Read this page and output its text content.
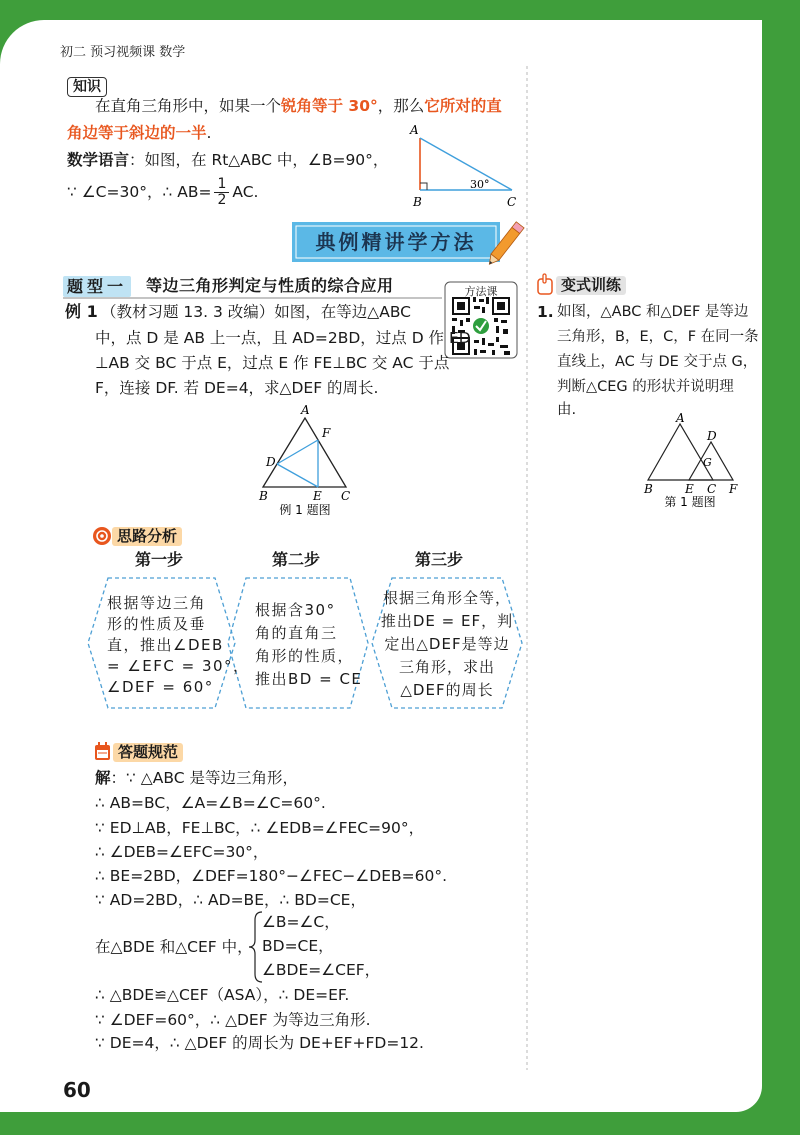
A
B	C
30°
A
F
D
B	E C
例 1 题图
A
D
G
B	E C F
第 1 题图
初二 预习视频课 数学
知识
在直角三角形中，如果一个锐角等于 30°，那么它所对的直
角边等于斜边的一半.
数学语言：如图，在 Rt△ABC 中，∠B=90°，
∵ ∠C=30°，∴ $AB= \frac{1}{2}$ AC.
典例精讲学方法
题型一 等边三角形判定与性质的综合应用	方法课
例 1 （教材习题 13. 3 改编）如图，在等边△ABC
中，点 D 是 AB 上一点，且 AD=2BD，过点 D 作 ED
⊥AB 交 BC 于点 E，过点 E 作 FE⊥BC 交 AC 于点
F，连接 DF. 若 DE=4，求△DEF 的周长.
思路分析
第一步	第二步	第三步
根据等边三角
形的性质及垂
直，推出∠DEB
= ∠EFC = 30°，
∠DEF = 60°
根据含30°
角的直角三
角形的性质，
推出BD = CE
根据三角形全等，
推出DE = EF，判
定出△DEF是等边
三角形，求出
△DEF的周长
答题规范
解：∵ △ABC 是等边三角形，
∴ AB=BC，∠A=∠B=∠C=60°.
∵ ED⊥AB，FE⊥BC，∴ ∠EDB=∠FEC=90°，
∴ ∠DEB=∠EFC=30°，
∴ BE=2BD，∠DEF=180°−∠FEC−∠DEB=60°.
∵ AD=2BD，∴ AD=BE，∴ BD=CE，
在△BDE 和△CEF 中，
∠B=∠C，
BD=CE，
∠BDE=∠CEF，
∴ △BDE≌△CEF（ASA），∴ DE=EF.
∵ ∠DEF=60°，∴ △DEF 为等边三角形.
∵ DE=4，∴ △DEF 的周长为 DE+EF+FD=12.
变式训练
1. 如图，△ABC 和△DEF 是等边
三角形，B，E，C，F 在同一条
直线上，AC 与 DE 交于点 G，
判断△CEG 的形状并说明理
由.
60
